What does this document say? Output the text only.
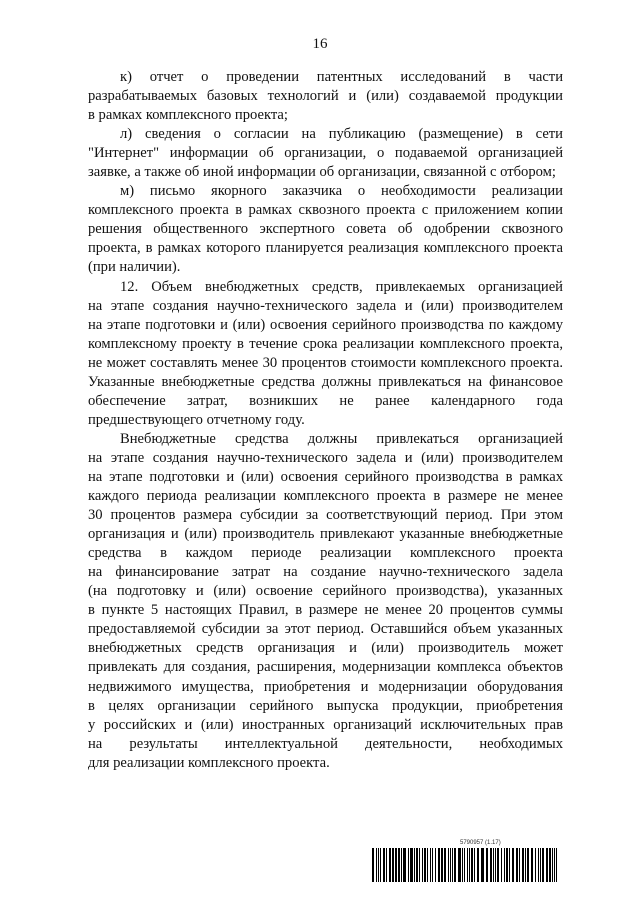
16

к) отчет о проведении патентных исследований в части
разрабатываемых базовых технологий и (или) создаваемой продукции
в рамках комплексного проекта;

л) сведения о согласии на публикацию (размещение) в сети
"Интернет" информации об организации, о подаваемой организацией
заявке, а также об иной информации об организации, связанной с отбором;

м) письмо якорного заказчика о необходимости реализации
комплексного проекта в рамках сквозного проекта с приложением копии
решения общественного экспертного совета об одобрении сквозного
проекта, в рамках которого планируется реализация комплексного проекта
(при наличии).

12. Объем внебюджетных средств, привлекаемых организацией
на этапе создания научно-технического задела и (или) производителем
на этапе подготовки и (или) освоения серийного производства по каждому
комплексному проекту в течение срока реализации комплексного проекта,
не может составлять менее 30 процентов стоимости комплексного проекта.
Указанные внебюджетные средства должны привлекаться на финансовое
обеспечение затрат, возникших не ранее календарного года
предшествующего отчетному году.

Внебюджетные средства должны привлекаться организацией
на этапе создания научно-технического задела и (или) производителем
на этапе подготовки и (или) освоения серийного производства в рамках
каждого периода реализации комплексного проекта в размере не менее
30 процентов размера субсидии за соответствующий период. При этом
организация и (или) производитель привлекают указанные внебюджетные
средства в каждом периоде реализации комплексного проекта
на финансирование затрат на создание научно-технического задела
(на подготовку и (или) освоение серийного производства), указанных
в пункте 5 настоящих Правил, в размере не менее 20 процентов суммы
предоставляемой субсидии за этот период. Оставшийся объем указанных
внебюджетных средств организация и (или) производитель может
привлекать для создания, расширения, модернизации комплекса объектов
недвижимого имущества, приобретения и модернизации оборудования
в целях организации серийного выпуска продукции, приобретения
у российских и (или) иностранных организаций исключительных прав
на результаты интеллектуальной деятельности, необходимых
для реализации комплексного проекта.

5790957 (1.17)
